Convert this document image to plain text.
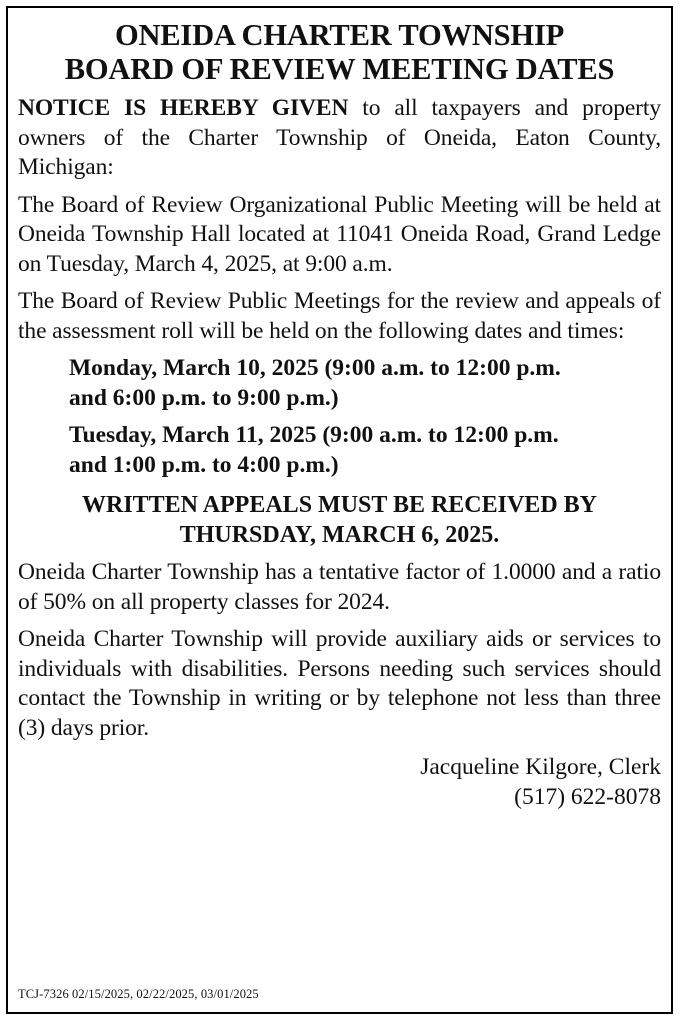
ONEIDA CHARTER TOWNSHIP
BOARD OF REVIEW MEETING DATES

NOTICE IS HEREBY GIVEN to all taxpayers and property owners of the Charter Township of Oneida, Eaton County, Michigan:

The Board of Review Organizational Public Meeting will be held at Oneida Township Hall located at 11041 Oneida Road, Grand Ledge on Tuesday, March 4, 2025, at 9:00 a.m.

The Board of Review Public Meetings for the review and appeals of the assessment roll will be held on the following dates and times:

Monday, March 10, 2025 (9:00 a.m. to 12:00 p.m.
and 6:00 p.m. to 9:00 p.m.)
Tuesday, March 11, 2025 (9:00 a.m. to 12:00 p.m.
and 1:00 p.m. to 4:00 p.m.)
WRITTEN APPEALS MUST BE RECEIVED BY
THURSDAY, MARCH 6, 2025.

Oneida Charter Township has a tentative factor of 1.0000 and a ratio of 50% on all property classes for 2024.

Oneida Charter Township will provide auxiliary aids or services to individuals with disabilities. Persons needing such services should contact the Township in writing or by telephone not less than three (3) days prior.

Jacqueline Kilgore, Clerk
(517) 622-8078
TCJ-7326 02/15/2025, 02/22/2025, 03/01/2025
